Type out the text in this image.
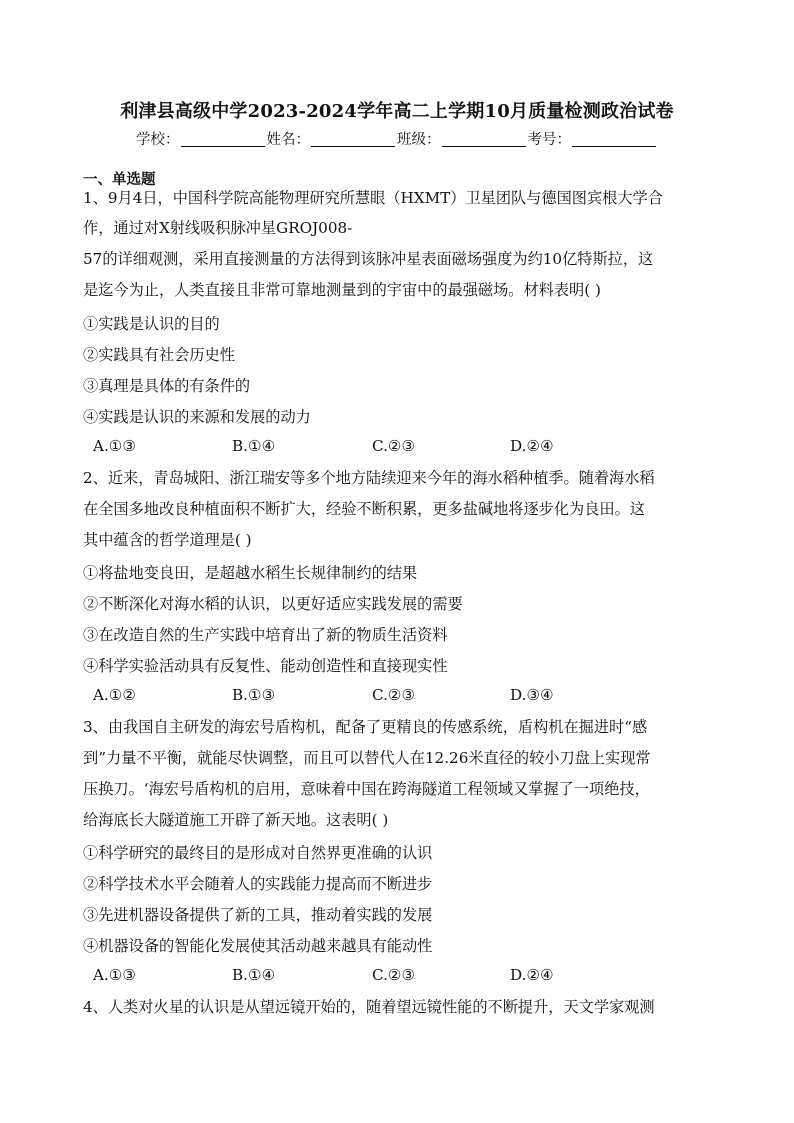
利津县高级中学2023-2024学年高二上学期10月质量检测政治试卷
学校：	姓名：	班级：	考号：
一、单选题
1、9月4日，中国科学院高能物理研究所慧眼（HXMT）卫星团队与德国图宾根大学合
作，通过对X射线吸积脉冲星GROJ008-
57的详细观测，采用直接测量的方法得到该脉冲星表面磁场强度为约10亿特斯拉，这
是迄今为止，人类直接且非常可靠地测量到的宇宙中的最强磁场。材料表明( )
①实践是认识的目的
②实践具有社会历史性
③真理是具体的有条件的
④实践是认识的来源和发展的动力
A.①③	B.①④	C.②③	D.②④
2、近来，青岛城阳、浙江瑞安等多个地方陆续迎来今年的海水稻种植季。随着海水稻
在全国多地改良种植面积不断扩大，经验不断积累，更多盐碱地将逐步化为良田。这
其中蕴含的哲学道理是( )
①将盐地变良田，是超越水稻生长规律制约的结果
②不断深化对海水稻的认识，以更好适应实践发展的需要
③在改造自然的生产实践中培育出了新的物质生活资料
④科学实验活动具有反复性、能动创造性和直接现实性
A.①②	B.①③	C.②③	D.③④
3、由我国自主研发的海宏号盾构机，配备了更精良的传感系统，盾构机在掘进时“感
到”力量不平衡，就能尽快调整，而且可以替代人在12.26米直径的较小刀盘上实现常
压换刀。‘海宏号盾构机的启用，意味着中国在跨海隧道工程领域又掌握了一项绝技，
给海底长大隧道施工开辟了新天地。这表明( )
①科学研究的最终目的是形成对自然界更准确的认识
②科学技术水平会随着人的实践能力提高而不断进步
③先进机器设备提供了新的工具，推动着实践的发展
④机器设备的智能化发展使其活动越来越具有能动性
A.①③	B.①④	C.②③	D.②④
4、人类对火星的认识是从望远镜开始的，随着望远镜性能的不断提升，天文学家观测
